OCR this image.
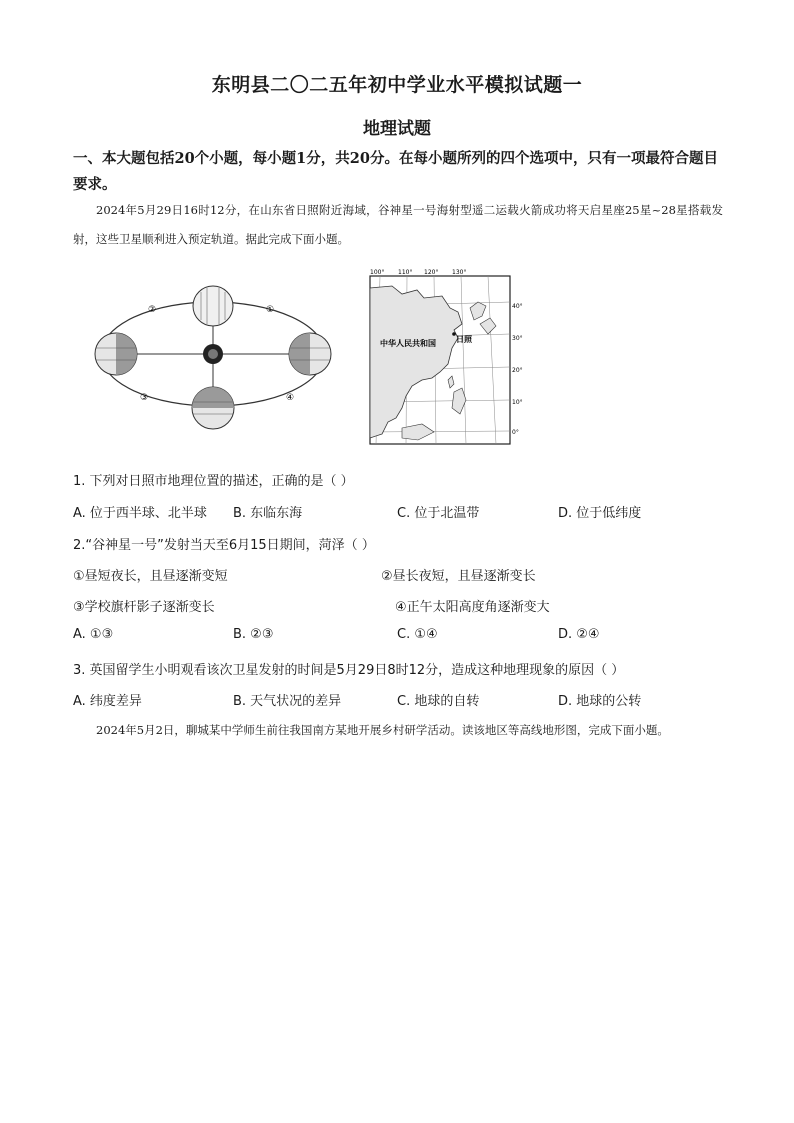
东明县二〇二五年初中学业水平模拟试题一
地理试题
一、本大题包括20个小题，每小题1分，共20分。在每小题所列的四个选项中，只有一项最符合题目要求。
2024年5月29日16时12分，在山东省日照附近海域，谷神星一号海射型遥二运载火箭成功将天启星座25星~28星搭载发射，这些卫星顺利进入预定轨道。据此完成下面小题。
①
②
③	④
日照
中华人民共和国
100° 110° 120° 130°
40°
30°
20°
10°
0°
1. 下列对日照市地理位置的描述，正确的是（ ）
A. 位于西半球、北半球 B. 东临东海	C. 位于北温带	D. 位于低纬度
2.“谷神星一号”发射当天至6月15日期间，菏泽（ ）
①昼短夜长，且昼逐渐变短	②昼长夜短，且昼逐渐变长
③学校旗杆影子逐渐变长	④正午太阳高度角逐渐变大
A. ①③	B. ②③	C. ①④	D. ②④
3. 英国留学生小明观看该次卫星发射的时间是5月29日8时12分，造成这种地理现象的原因（ ）
A. 纬度差异	B. 天气状况的差异	C. 地球的自转	D. 地球的公转
2024年5月2日，聊城某中学师生前往我国南方某地开展乡村研学活动。读该地区等高线地形图，完成下面小题。
